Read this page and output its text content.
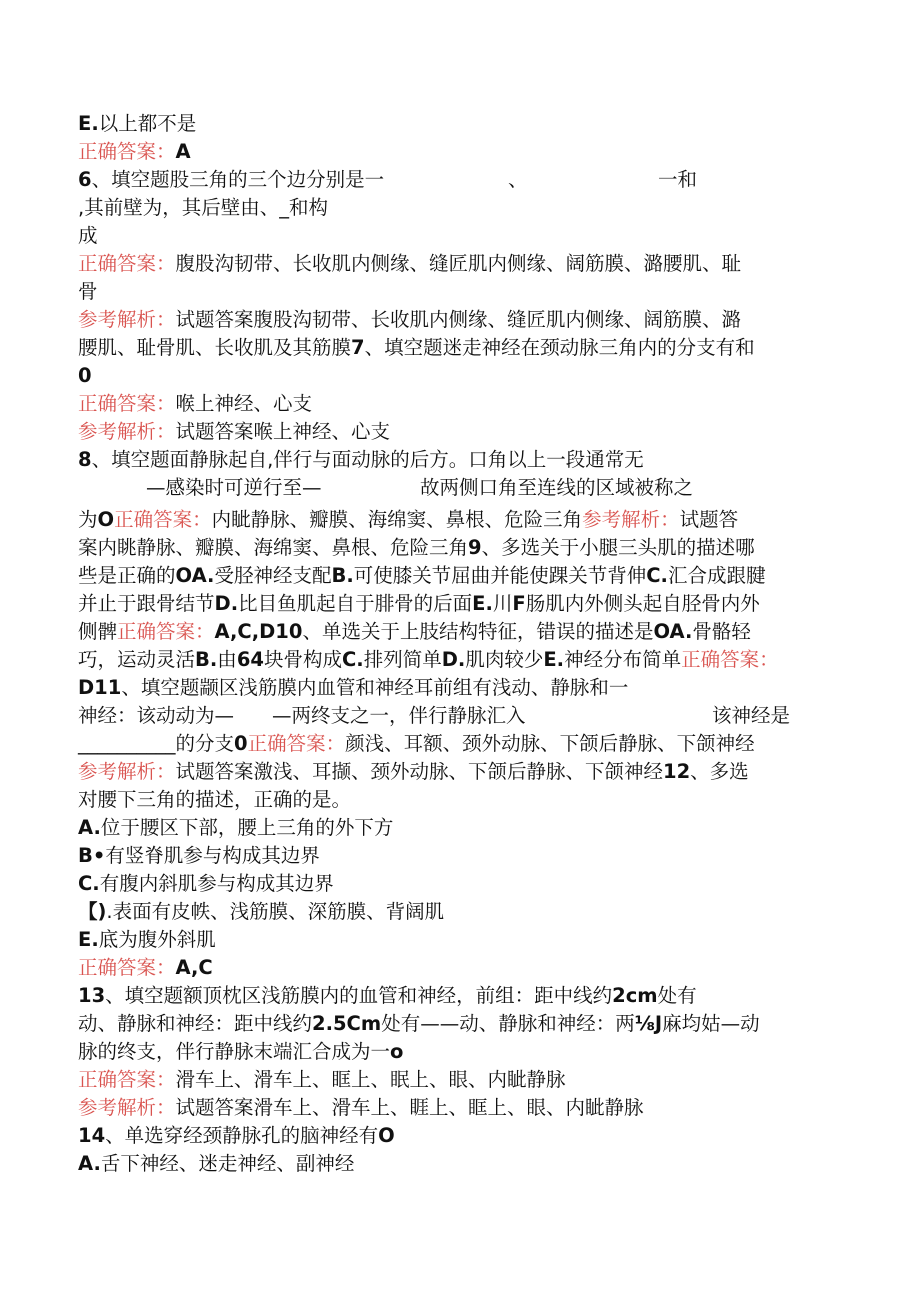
E.以上都不是
正确答案：A
6、填空题股三角的三个边分别是一	、	一和
,其前壁为，其后壁由、_和构
成
正确答案：腹股沟韧带、长收肌内侧缘、缝匠肌内侧缘、阔筋膜、潞腰肌、耻
骨
参考解析：试题答案腹股沟韧带、长收肌内侧缘、缝匠肌内侧缘、阔筋膜、潞
腰肌、耻骨肌、长收肌及其筋膜7、填空题迷走神经在颈动脉三角内的分支有和
0
正确答案：喉上神经、心支
参考解析：试题答案喉上神经、心支
8、填空题面静脉起自,伴行与面动脉的后方。口角以上一段通常无
—感染时可逆行至—	故两侧口角至连线的区域被称之
为O正确答案：内眦静脉、瓣膜、海绵窦、鼻根、危险三角参考解析：试题答
案内眺静脉、瓣膜、海绵窦、鼻根、危险三角9、多选关于小腿三头肌的描述哪
些是正确的OA.受胫神经支配B.可使膝关节屈曲并能使踝关节背伸C.汇合成跟腱
并止于跟骨结节D.比目鱼肌起自于腓骨的后面E.川F肠肌内外侧头起自胫骨内外
侧髀正确答案：A,C,D10、单选关于上肢结构特征，错误的描述是OA.骨骼轻
巧，运动灵活B.由64块骨构成C.排列简单D.肌肉较少E.神经分布简单正确答案：
D11、填空题颛区浅筋膜内血管和神经耳前组有浅动、静脉和一
神经：该动动为— —两终支之一，伴行静脉汇入	该神经是
__________的分支0正确答案：颜浅、耳额、颈外动脉、下颌后静脉、下颌神经
参考解析：试题答案激浅、耳撷、颈外动脉、下颌后静脉、下颌神经12、多选
对腰下三角的描述，正确的是。
A.位于腰区下部，腰上三角的外下方
B•有竖脊肌参与构成其边界
C.有腹内斜肌参与构成其边界
【).表面有皮帙、浅筋膜、深筋膜、背阔肌
E.底为腹外斜肌
正确答案：A,C
13、填空题额顶枕区浅筋膜内的血管和神经，前组：距中线约2cm处有
动、静脉和神经：距中线约2.5Cm处有——动、静脉和神经：两⅛J麻均姑—动
脉的终支，伴行静脉末端汇合成为一o
正确答案：滑车上、滑车上、眶上、眠上、眼、内眦静脉
参考解析：试题答案滑车上、滑车上、睚上、眶上、眼、内眦静脉
14、单选穿经颈静脉孔的脑神经有O
A.舌下神经、迷走神经、副神经
